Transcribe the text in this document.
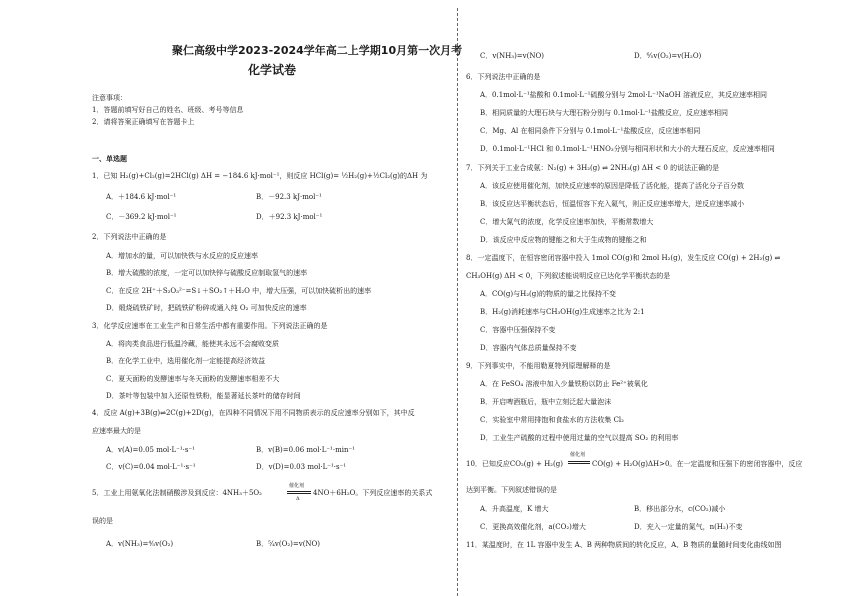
聚仁高级中学2023-2024学年高二上学期10月第一次月考
化学试卷
注意事项：
1．答题前填写好自己的姓名、班级、考号等信息
2．请将答案正确填写在答题卡上
一、单选题
1．已知 H₂(g)+Cl₂(g)=2HCl(g) ΔH = −184.6 kJ·mol⁻¹，则反应 HCl(g)= ½H₂(g)+½Cl₂(g)的ΔH 为
A．＋184.6 kJ·mol⁻¹	B．－92.3 kJ·mol⁻¹
C．－369.2 kJ·mol⁻¹	D．＋92.3 kJ·mol⁻¹
2．下列说法中正确的是
A．增加水的量，可以加快铁与水反应的反应速率
B．增大硫酸的浓度，一定可以加快锌与硫酸反应制取氢气的速率
C．在反应 2H⁺＋S₂O₃²⁻=S↓＋SO₂↑＋H₂O 中，增大压强，可以加快硫析出的速率
D．煅烧硫铁矿时，把硫铁矿粉碎或通入纯 O₂ 可加快反应的速率
3．化学反应速率在工业生产和日常生活中都有重要作用。下列说法正确的是
A．将肉类食品进行低温冷藏，能使其永远不会腐败变质
B．在化学工业中，选用催化剂一定能提高经济效益
C．夏天面粉的发酵速率与冬天面粉的发酵速率相差不大
D．茶叶等包装中加入还原性铁粉，能显著延长茶叶的储存时间
4．反应 A(g)+3B(g)⇌2C(g)+2D(g)，在四种不同情况下用不同物质表示的反应速率分别如下，其中反
应速率最大的是
A．v(A)=0.05 mol·L⁻¹·s⁻¹	B．v(B)=0.06 mol·L⁻¹·min⁻¹
C．v(C)=0.04 mol·L⁻¹·s⁻¹	D．v(D)=0.03 mol·L⁻¹·s⁻¹
5．工业上用氨氧化法制硝酸涉及到反应：4NH₃＋5O₂
催化剂
Δ
4NO＋6H₂O。下列反应速率的关系式
误的是
A．v(NH₃)=⁴⁄₅v(O₂)	B．⁵⁄₄v(O₂)=v(NO)
C．v(NH₃)=v(NO)	D．⁶⁄₅v(O₂)=v(H₂O)
6．下列说法中正确的是
A．0.1mol·L⁻¹盐酸和 0.1mol·L⁻¹硫酸分别与 2mol·L⁻¹NaOH 溶液反应，其反应速率相同
B．相同质量的大理石块与大理石粉分别与 0.1mol·L⁻¹盐酸反应，反应速率相同
C．Mg、Al 在相同条件下分别与 0.1mol·L⁻¹盐酸反应，反应速率相同
D．0.1mol·L⁻¹HCl 和 0.1mol·L⁻¹HNO₃分别与相同形状和大小的大理石反应，反应速率相同
7．下列关于工业合成氨：N₂(g) + 3H₂(g) ⇌ 2NH₃(g) ΔH < 0 的说法正确的是
A．该反应使用催化剂，加快反应速率的原因是降低了活化能，提高了活化分子百分数
B．该反应达平衡状态后，恒温恒容下充入氦气，则正反应速率增大，逆反应速率减小
C．增大氮气的浓度，化学反应速率加快，平衡常数增大
D．该反应中反应物的键能之和大于生成物的键能之和
8．一定温度下，在恒容密闭容器中投入 1mol CO(g)和 2mol H₂(g)，发生反应 CO(g) + 2H₂(g) ⇌
CH₃OH(g) ΔH < 0，下列叙述能说明反应已达化学平衡状态的是
A．CO(g)与H₂(g)的物质的量之比保持不变
B．H₂(g)消耗速率与CH₃OH(g)生成速率之比为 2:1
C．容器中压强保持不变
D．容器内气体总质量保持不变
9．下列事实中，不能用勒夏特列原理解释的是
A．在 FeSO₄ 溶液中加入少量铁粉以防止 Fe²⁺被氧化
B．开启啤酒瓶后，瓶中立刻泛起大量泡沫
C．实验室中常用排饱和食盐水的方法收集 Cl₂
D．工业生产硫酸的过程中使用过量的空气以提高 SO₂ 的利用率
10．已知反应CO₂(g) + H₂(g)
催化剂
CO(g) + H₂O(g)ΔH>0。在一定温度和压强下的密闭容器中，反应
达到平衡。下列叙述错误的是
A．升高温度，K 增大	B．移出部分水，c(CO₂)减小
C．更换高效催化剂，a(CO₂)增大	D．充入一定量的氮气，n(H₂)不变
11．某温度时，在 1L 容器中发生 A、B 两种物质间的转化反应，A、B 物质的量随时间变化曲线如图
